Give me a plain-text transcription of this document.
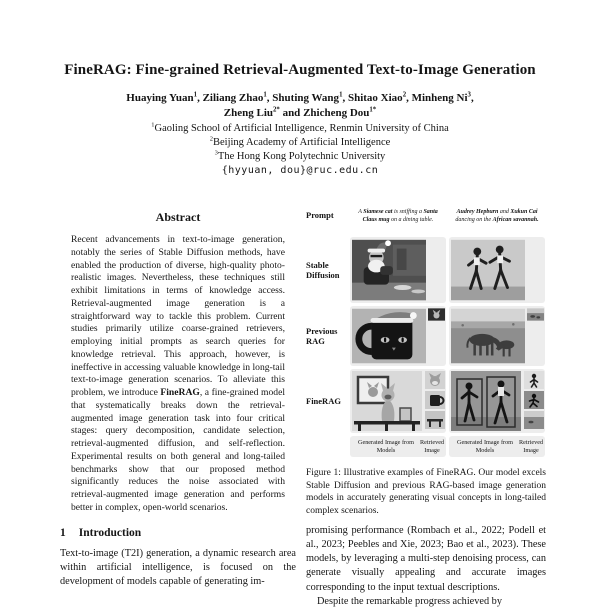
FineRAG: Fine-grained Retrieval-Augmented Text-to-Image Generation
Huaying Yuan$^1$, Ziliang Zhao$^1$, Shuting Wang$^1$, Shitao Xiao$^2$, Minheng Ni$^3$,
Zheng Liu$^{2*}$ and Zhicheng Dou$^{1*}$
$^1$Gaoling School of Artificial Intelligence, Renmin University of China
$^2$Beijing Academy of Artificial Intelligence
$^3$The Hong Kong Polytechnic University
{hyyuan, dou}@ruc.edu.cn
Abstract
Recent advancements in text-to-image generation, notably the series of Stable Diffusion methods, have enabled the production of diverse, high-quality photo-realistic images. Nevertheless, these techniques still exhibit limitations in terms of knowledge access. Retrieval-augmented image generation is a straightforward way to tackle this problem. Current studies primarily utilize coarse-grained retrievers, employing initial prompts as search queries for knowledge retrieval. This approach, however, is ineffective in accessing valuable knowledge in long-tail text-to-image generation scenarios. To alleviate this problem, we introduce FineRAG, a fine-grained model that systematically breaks down the retrieval-augmented image generation task into four critical stages: query decomposition, candidate selection, retrieval-augmented diffusion, and self-reflection. Experimental results on both general and long-tailed benchmarks show that our proposed method significantly reduces the noise associated with retrieval-augmented image generation and performs better in complex, open-world scenarios.
1 Introduction
Text-to-image (T2I) generation, a dynamic research area within artificial intelligence, is focused on the development of models capable of generating im-
Prompt	A Siamese cat is sniffing a Santa Claus mug on a dining table.
Audrey Hepburn and Xukun Cai dancing on the African savannah.
Stable Diffusion
Previous RAG
FineRAG
Generated Image from Models
Retrieved Image
Generated Image from Models
Retrieved Image
Figure 1: Illustrative examples of FineRAG. Our model excels Stable Diffusion and previous RAG-based image generation models in accurately generating visual concepts in long-tailed complex scenarios.
promising performance (Rombach et al., 2022; Podell et al., 2023; Peebles and Xie, 2023; Bao et al., 2023). These models, by leveraging a multi-step denoising process, can generate visually appealing and accurate images corresponding to the input textual descriptions.
Despite the remarkable progress achieved by
